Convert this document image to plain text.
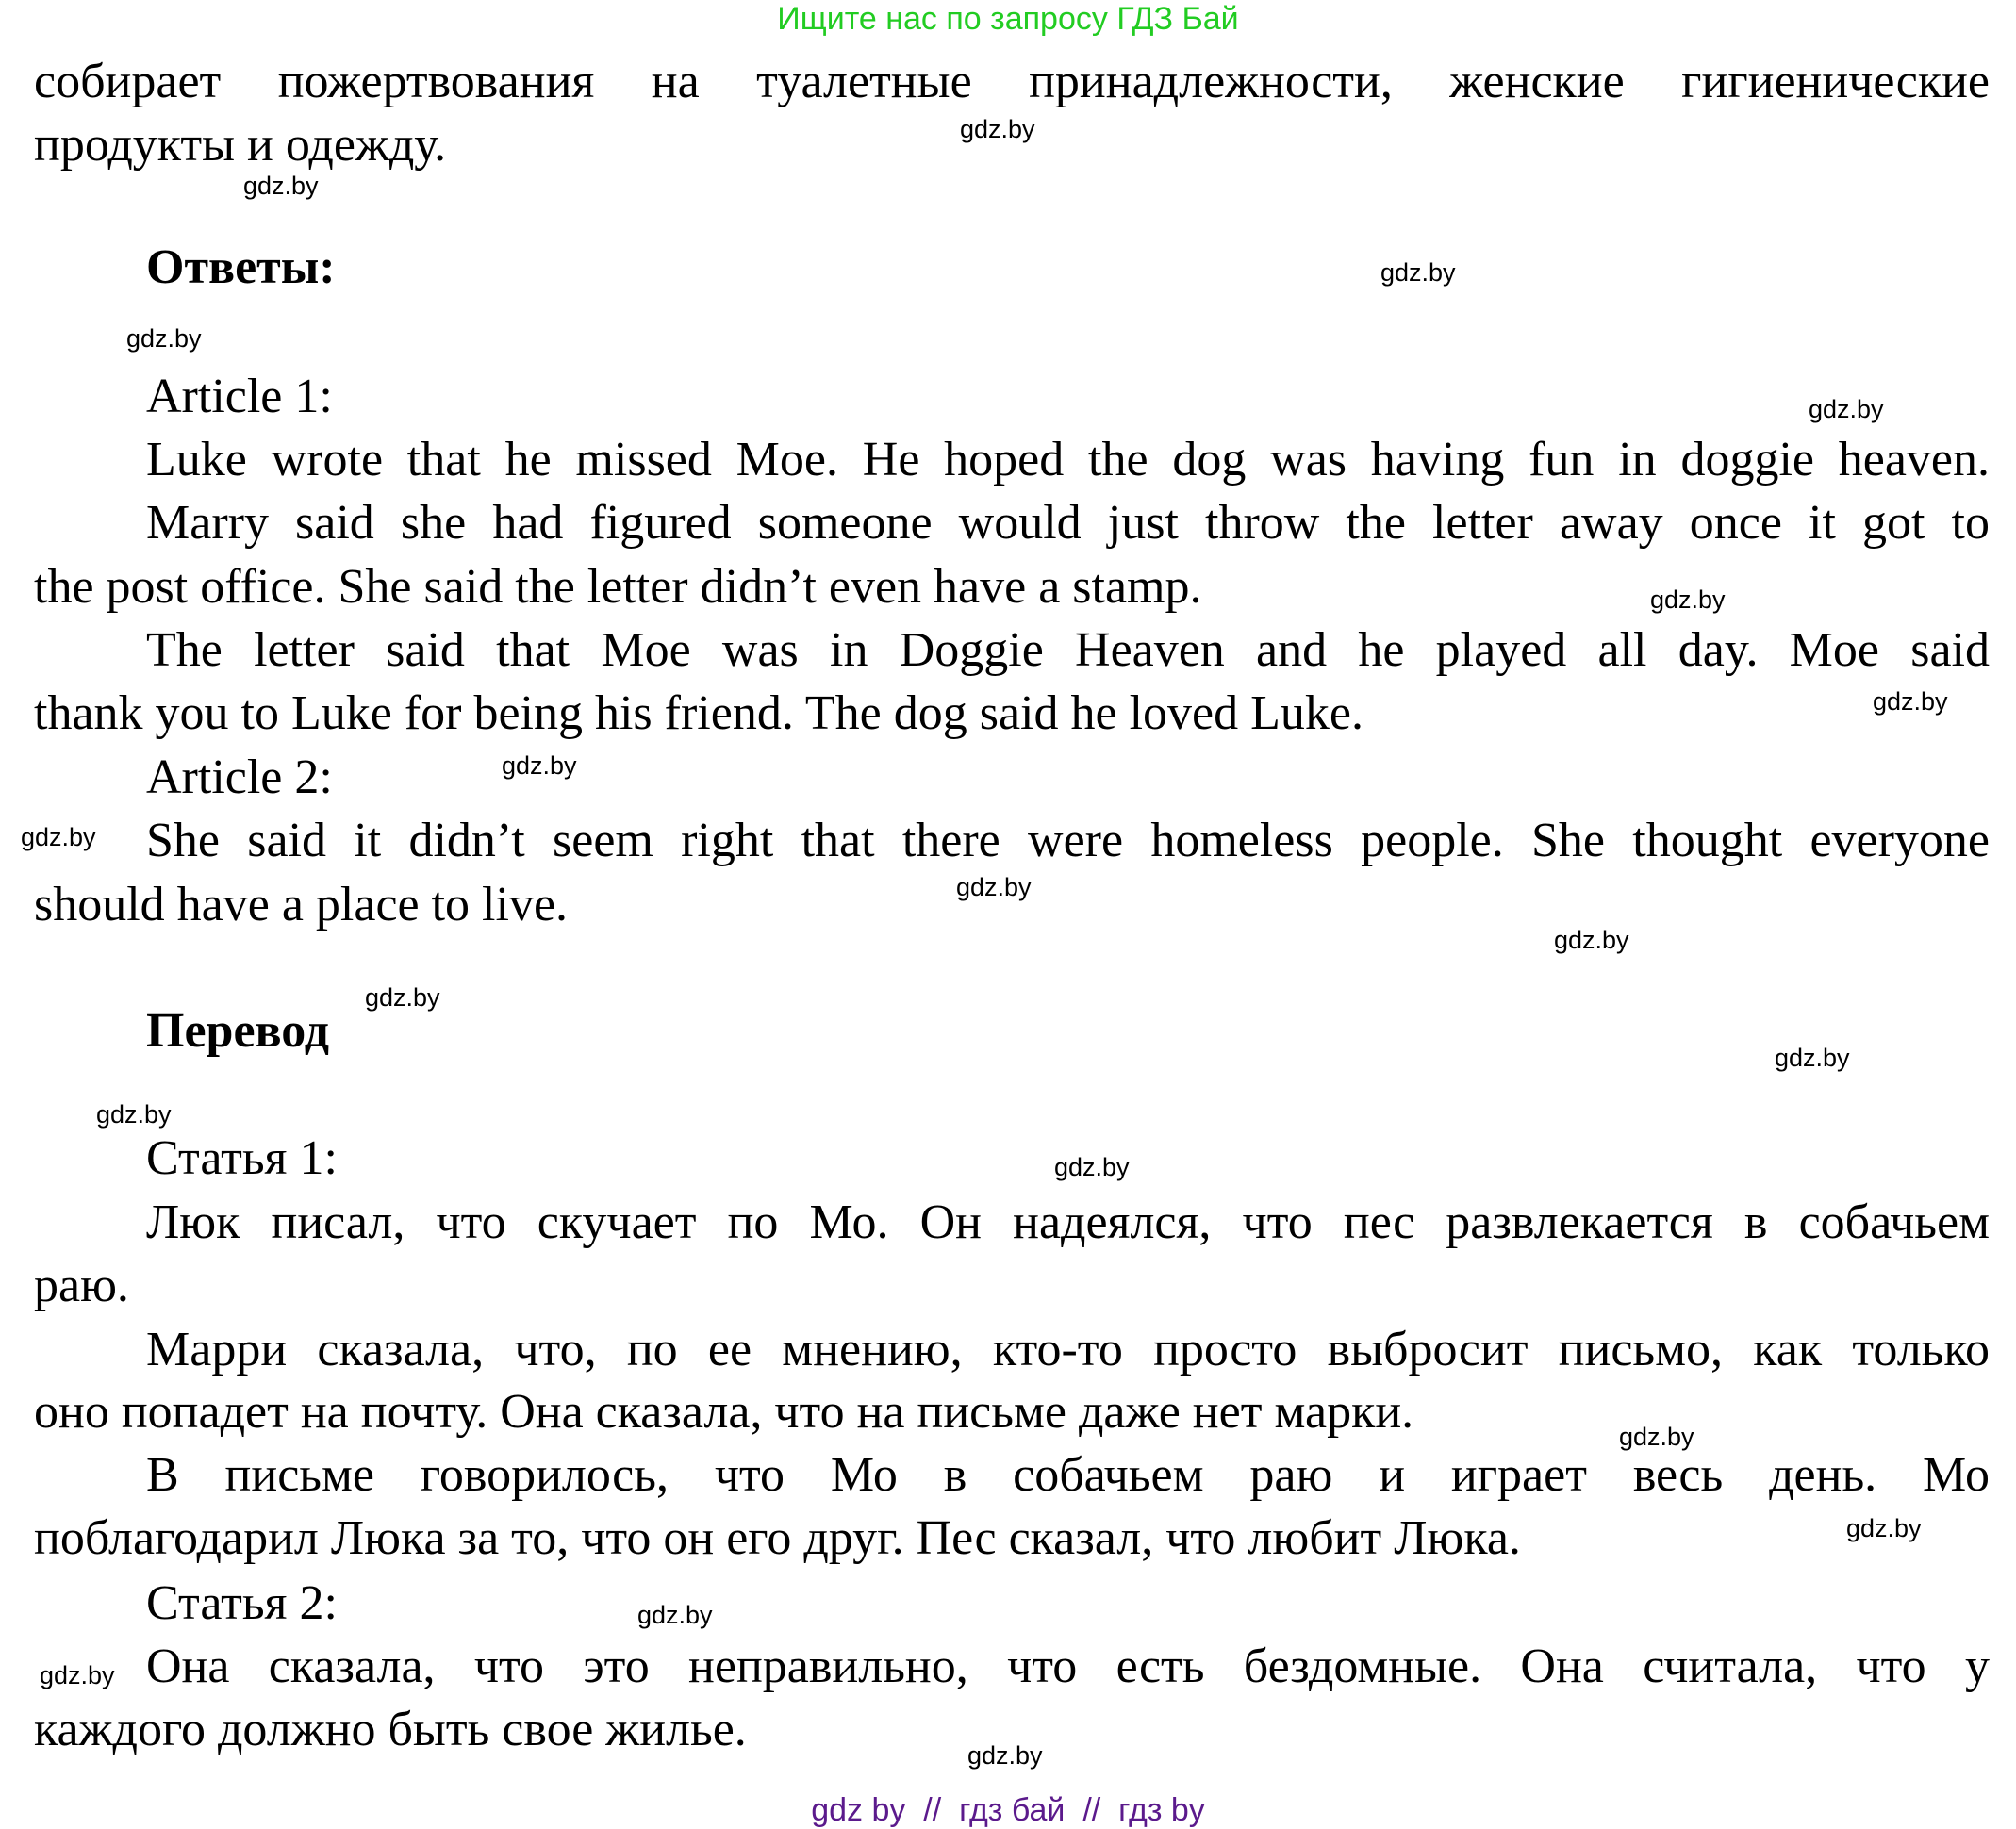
Ищите нас по запросу ГДЗ Бай
собирает пожертвования на туалетные принадлежности, женские гигиенические
продукты и одежду.
Ответы:
Article 1:
Luke wrote that he missed Moe. He hoped the dog was having fun in doggie heaven.
Marry said she had figured someone would just throw the letter away once it got to
the post office. She said the letter didn’t even have a stamp.
The letter said that Moe was in Doggie Heaven and he played all day. Moe said
thank you to Luke for being his friend. The dog said he loved Luke.
Article 2:
She said it didn’t seem right that there were homeless people. She thought everyone
should have a place to live.
Перевод
Статья 1:
Люк писал, что скучает по Мо. Он надеялся, что пес развлекается в собачьем
раю.
Марри сказала, что, по ее мнению, кто-то просто выбросит письмо, как только
оно попадет на почту. Она сказала, что на письме даже нет марки.
В письме говорилось, что Мо в собачьем раю и играет весь день. Мо
поблагодарил Люка за то, что он его друг. Пес сказал, что любит Люка.
Статья 2:
Она сказала, что это неправильно, что есть бездомные. Она считала, что у
каждого должно быть свое жилье.
gdz.by
gdz.by
gdz.by
gdz.by
gdz.by
gdz.by
gdz.by
gdz.by
gdz.by
gdz.by
gdz.by
gdz.by
gdz.by
gdz.by
gdz.by
gdz.by
gdz.by
gdz.by
gdz.by
gdz.by
gdz by  //  гдз бай  //  гдз by
